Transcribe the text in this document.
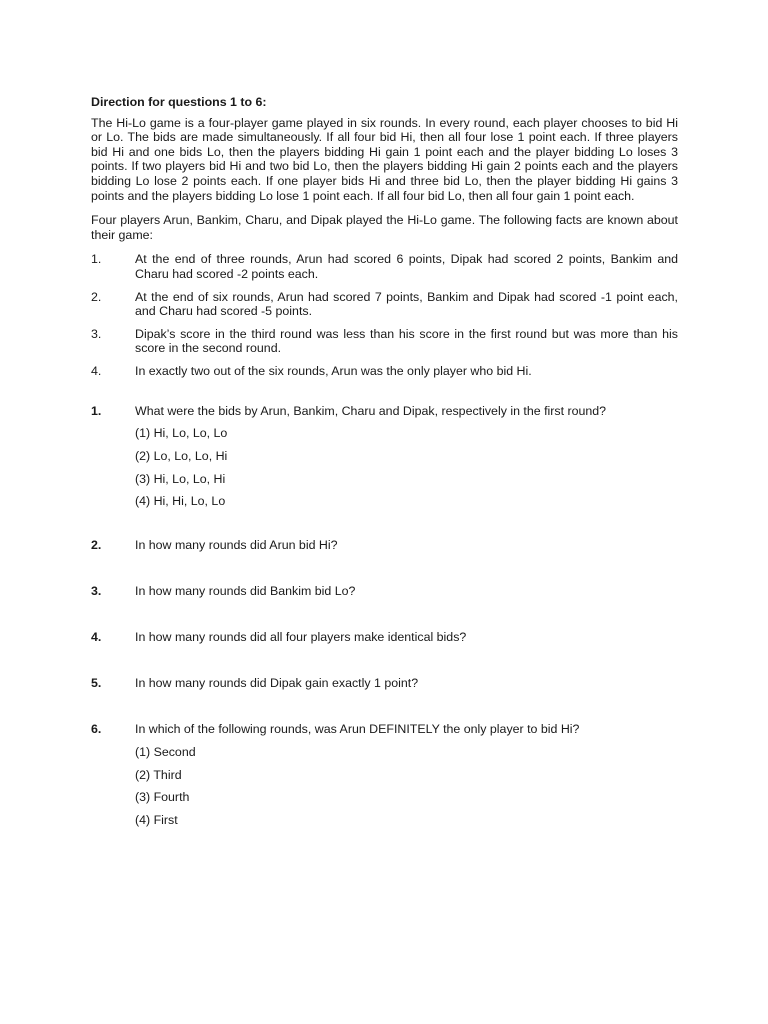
Direction for questions 1 to 6:

The Hi-Lo game is a four-player game played in six rounds. In every round, each player chooses to bid Hi or Lo. The bids are made simultaneously. If all four bid Hi, then all four lose 1 point each. If three players bid Hi and one bids Lo, then the players bidding Hi gain 1 point each and the player bidding Lo loses 3 points. If two players bid Hi and two bid Lo, then the players bidding Hi gain 2 points each and the players bidding Lo lose 2 points each. If one player bids Hi and three bid Lo, then the player bidding Hi gains 3 points and the players bidding Lo lose 1 point each. If all four bid Lo, then all four gain 1 point each.

Four players Arun, Bankim, Charu, and Dipak played the Hi-Lo game. The following facts are known about their game:

1.	At the end of three rounds, Arun had scored 6 points, Dipak had scored 2 points, Bankim and Charu had scored -2 points each.
2.	At the end of six rounds, Arun had scored 7 points, Bankim and Dipak had scored -1 point each, and Charu had scored -5 points.
3.	Dipak’s score in the third round was less than his score in the first round but was more than his score in the second round.
4.	In exactly two out of the six rounds, Arun was the only player who bid Hi.
1.	What were the bids by Arun, Bankim, Charu and Dipak, respectively in the first round?

(1) Hi, Lo, Lo, Lo
(2) Lo, Lo, Lo, Hi
(3) Hi, Lo, Lo, Hi
(4) Hi, Hi, Lo, Lo
2.	In how many rounds did Arun bid Hi?

3.	In how many rounds did Bankim bid Lo?

4.	In how many rounds did all four players make identical bids?

5.	In how many rounds did Dipak gain exactly 1 point?

6.	In which of the following rounds, was Arun DEFINITELY the only player to bid Hi?

(1) Second
(2) Third
(3) Fourth
(4) First
